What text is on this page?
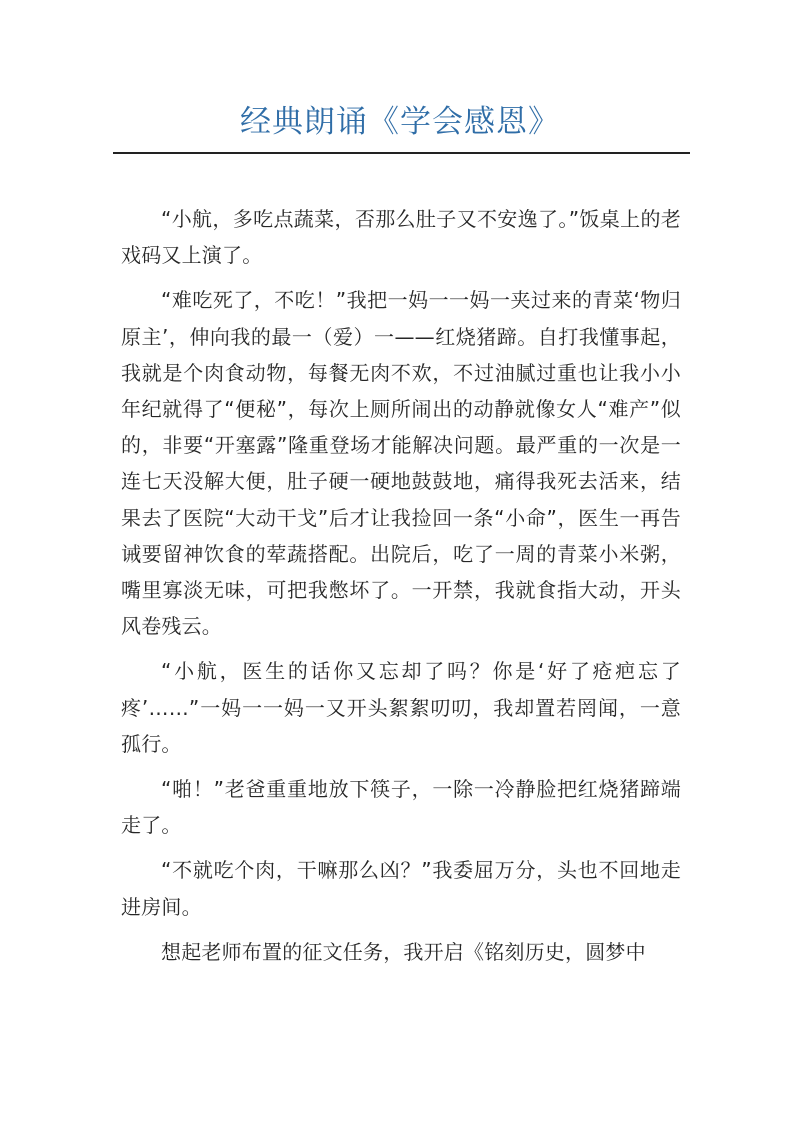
经典朗诵《学会感恩》

“小航，多吃点蔬菜，否那么肚子又不安逸了。”饭桌上的老戏码又上演了。

“难吃死了，不吃！”我把一妈一一妈一夹过来的青菜‘物归原主’，伸向我的最一（爱）一——红烧猪蹄。自打我懂事起，我就是个肉食动物，每餐无肉不欢，不过油腻过重也让我小小年纪就得了“便秘”，每次上厕所闹出的动静就像女人“难产”似的，非要“开塞露”隆重登场才能解决问题。最严重的一次是一连七天没解大便，肚子硬一硬地鼓鼓地，痛得我死去活来，结果去了医院“大动干戈”后才让我捡回一条“小命”，医生一再告诫要留神饮食的荤蔬搭配。出院后，吃了一周的青菜小米粥，嘴里寡淡无味，可把我憋坏了。一开禁，我就食指大动，开头风卷残云。

“小航，医生的话你又忘却了吗？你是‘好了疮疤忘了疼’……”一妈一一妈一又开头絮絮叨叨，我却置若罔闻，一意孤行。

“啪！”老爸重重地放下筷子，一除一冷静脸把红烧猪蹄端走了。

“不就吃个肉，干嘛那么凶？”我委屈万分，头也不回地走进房间。

想起老师布置的征文任务，我开启《铭刻历史，圆梦中
